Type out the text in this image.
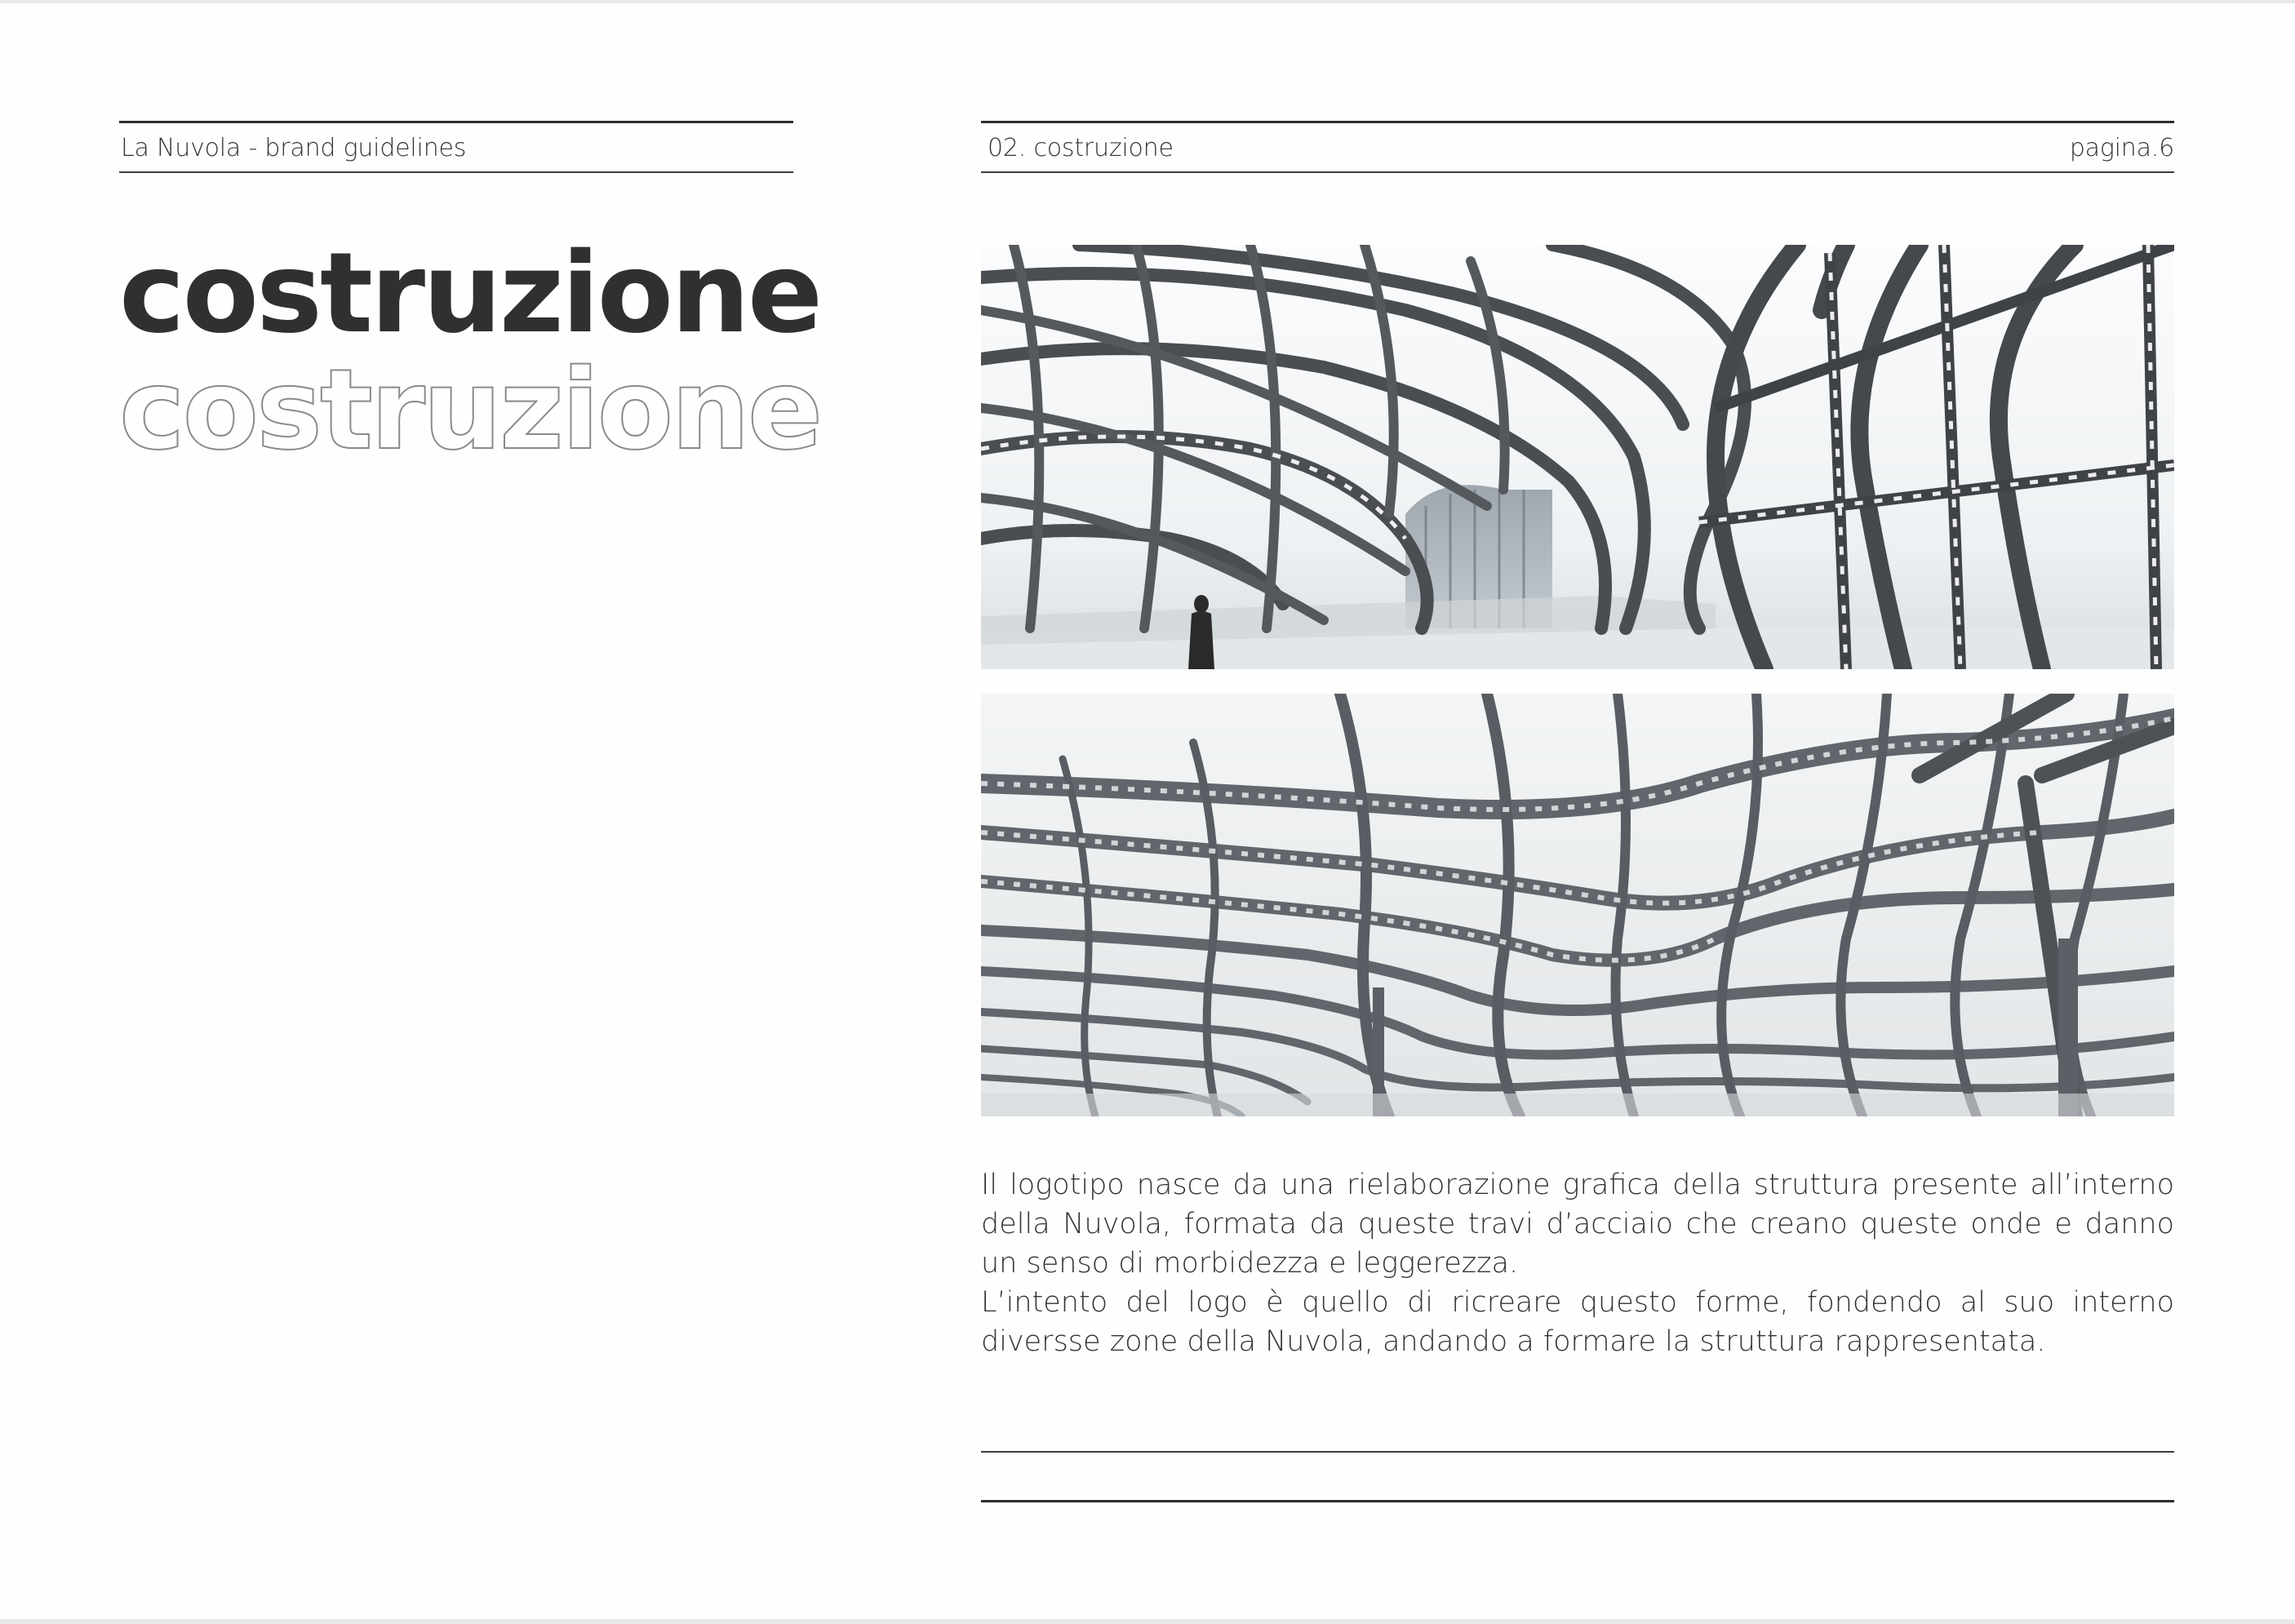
La Nuvola - brand guidelines	02. costruzione	pagina.6
costruzione
costruzione

Il logotipo nasce da una rielaborazione grafica della struttura presente all’interno della Nuvola, formata da queste travi d’acciaio che creano queste onde e danno un senso di morbidezza e leggerezza.

L’intento del logo è quello di ricreare questo forme, fondendo al suo interno diversse zone della Nuvola, andando a formare la struttura rappresentata.
